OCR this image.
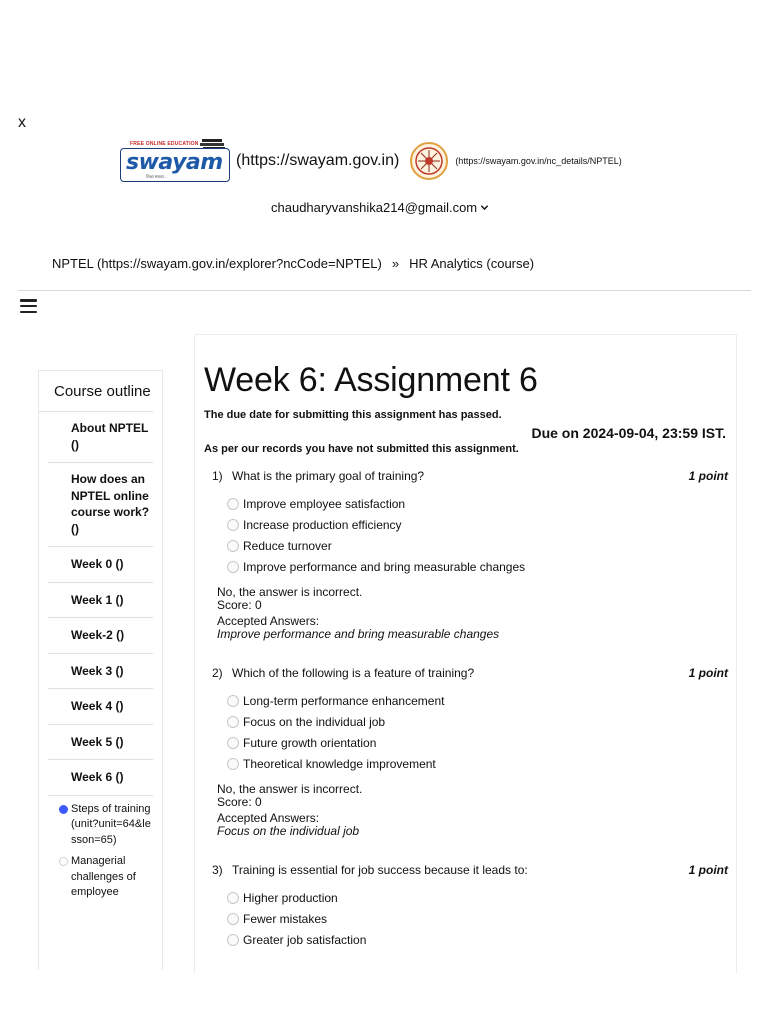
x
FREE ONLINE EDUCATION
swayam
शिक्षा सबका...
(https://swayam.gov.in)	(https://swayam.gov.in/nc_details/NPTEL)
chaudharyvanshika214@gmail.com
NPTEL (https://swayam.gov.in/explorer?ncCode=NPTEL) » HR Analytics (course)
Course outline
About NPTEL ()
How does an NPTEL online course work? ()
Week 0 ()
Week 1 ()
Week-2 ()
Week 3 ()
Week 4 ()
Week 5 ()
Week 6 ()
Steps of training (unit?unit=64&lesson=65)
Managerial challenges of employee
Week 6: Assignment 6
The due date for submitting this assignment has passed.
Due on 2024-09-04, 23:59 IST.
As per our records you have not submitted this assignment.
1) What is the primary goal of training?	1 point
Improve employee satisfaction
Increase production efficiency
Reduce turnover
Improve performance and bring measurable changes
No, the answer is incorrect.
Score: 0
Accepted Answers:
Improve performance and bring measurable changes
2) Which of the following is a feature of training?	1 point
Long-term performance enhancement
Focus on the individual job
Future growth orientation
Theoretical knowledge improvement
No, the answer is incorrect.
Score: 0
Accepted Answers:
Focus on the individual job
3) Training is essential for job success because it leads to:	1 point
Higher production
Fewer mistakes
Greater job satisfaction
